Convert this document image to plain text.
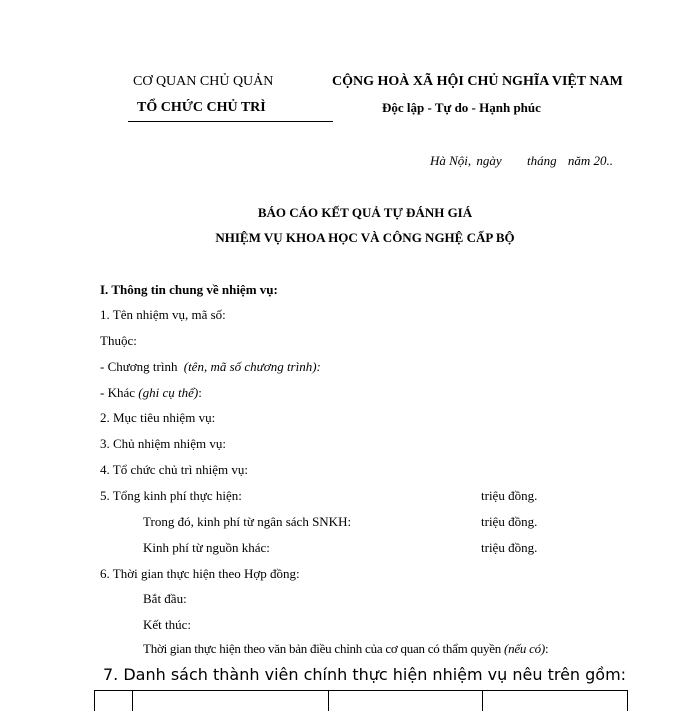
CƠ QUAN CHỦ QUẢN
TỔ CHỨC CHỦ TRÌ
CỘNG HOÀ XÃ HỘI CHỦ NGHĨA VIỆT NAM
Độc lập - Tự do - Hạnh phúc
Hà Nội, ngày tháng năm 20..
BÁO CÁO KẾT QUẢ TỰ ĐÁNH GIÁ
NHIỆM VỤ KHOA HỌC VÀ CÔNG NGHỆ CẤP BỘ
I. Thông tin chung về nhiệm vụ:
1. Tên nhiệm vụ, mã số:
Thuộc:
- Chương trình (tên, mã số chương trình):
- Khác (ghi cụ thể):
2. Mục tiêu nhiệm vụ:
3. Chủ nhiệm nhiệm vụ:
4. Tổ chức chủ trì nhiệm vụ:
5. Tổng kinh phí thực hiện:	triệu đồng.
Trong đó, kinh phí từ ngân sách SNKH:	triệu đồng.
Kinh phí từ nguồn khác:	triệu đồng.
6. Thời gian thực hiện theo Hợp đồng:
Bắt đầu:
Kết thúc:
Thời gian thực hiện theo văn bản điều chỉnh của cơ quan có thẩm quyền (nếu có):
7. Danh sách thành viên chính thực hiện nhiệm vụ nêu trên gồm:
